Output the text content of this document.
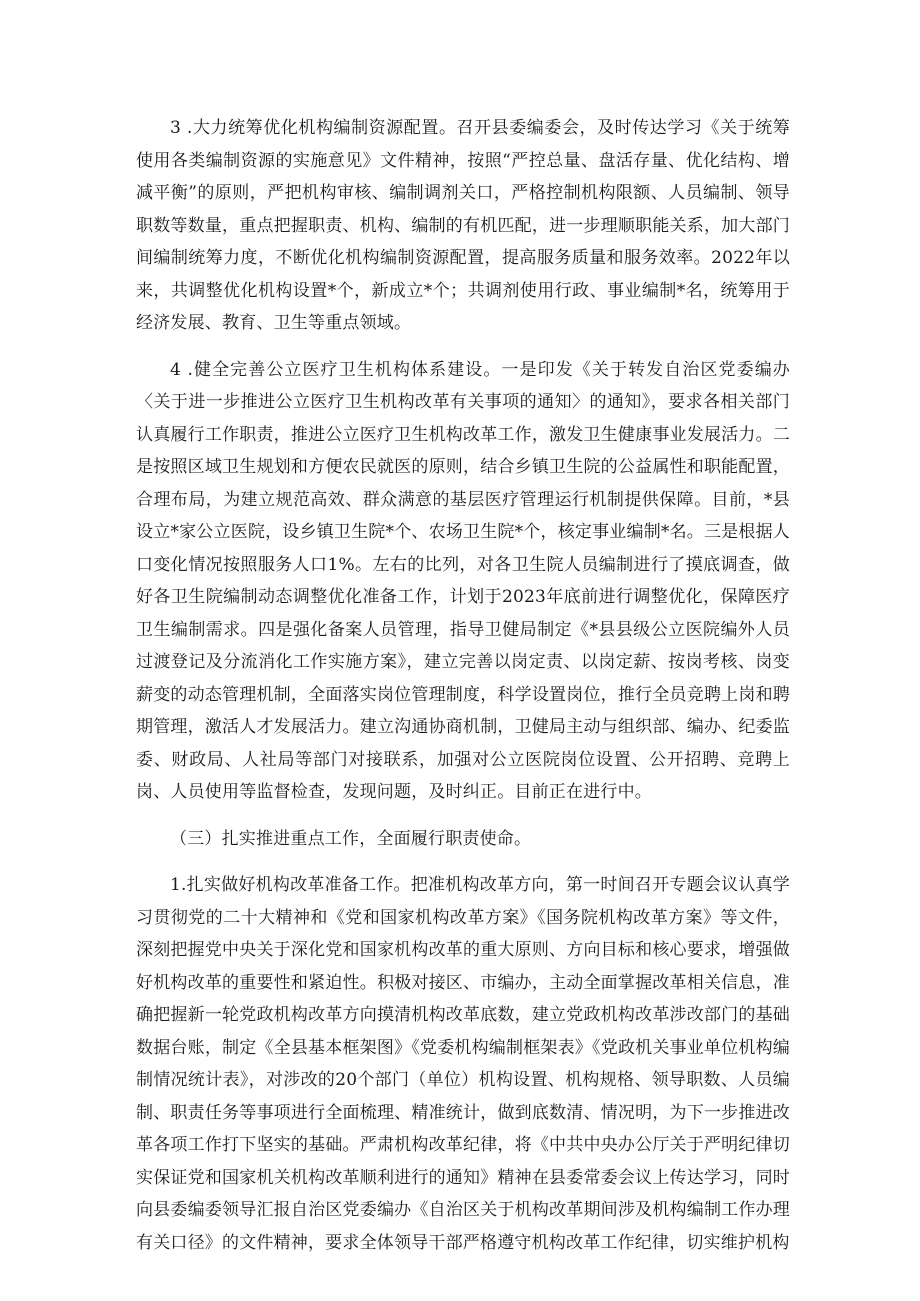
3 .大力统筹优化机构编制资源配置。召开县委编委会，及时传达学习《关于统筹使用各类编制资源的实施意见》文件精神，按照“严控总量、盘活存量、优化结构、增减平衡”的原则，严把机构审核、编制调剂关口，严格控制机构限额、人员编制、领导职数等数量，重点把握职责、机构、编制的有机匹配，进一步理顺职能关系，加大部门间编制统筹力度，不断优化机构编制资源配置，提高服务质量和服务效率。2022年以来，共调整优化机构设置*个，新成立*个；共调剂使用行政、事业编制*名，统筹用于经济发展、教育、卫生等重点领域。

4 .健全完善公立医疗卫生机构体系建设。一是印发《关于转发自治区党委编办〈关于进一步推进公立医疗卫生机构改革有关事项的通知〉的通知》，要求各相关部门认真履行工作职责，推进公立医疗卫生机构改革工作，激发卫生健康事业发展活力。二是按照区域卫生规划和方便农民就医的原则，结合乡镇卫生院的公益属性和职能配置，合理布局，为建立规范高效、群众满意的基层医疗管理运行机制提供保障。目前，*县设立*家公立医院，设乡镇卫生院*个、农场卫生院*个，核定事业编制*名。三是根据人口变化情况按照服务人口1%。左右的比列，对各卫生院人员编制进行了摸底调查，做好各卫生院编制动态调整优化准备工作，计划于2023年底前进行调整优化，保障医疗卫生编制需求。四是强化备案人员管理，指导卫健局制定《*县县级公立医院编外人员过渡登记及分流消化工作实施方案》，建立完善以岗定责、以岗定薪、按岗考核、岗变薪变的动态管理机制，全面落实岗位管理制度，科学设置岗位，推行全员竞聘上岗和聘期管理，激活人才发展活力。建立沟通协商机制，卫健局主动与组织部、编办、纪委监委、财政局、人社局等部门对接联系，加强对公立医院岗位设置、公开招聘、竞聘上岗、人员使用等监督检查，发现问题，及时纠正。目前正在进行中。

（三）扎实推进重点工作，全面履行职责使命。

1.扎实做好机构改革准备工作。把准机构改革方向，第一时间召开专题会议认真学习贯彻党的二十大精神和《党和国家机构改革方案》《国务院机构改革方案》等文件，深刻把握党中央关于深化党和国家机构改革的重大原则、方向目标和核心要求，增强做好机构改革的重要性和紧迫性。积极对接区、市编办，主动全面掌握改革相关信息，准确把握新一轮党政机构改革方向摸清机构改革底数，建立党政机构改革涉改部门的基础数据台账，制定《全县基本框架图》《党委机构编制框架表》《党政机关事业单位机构编制情况统计表》，对涉改的20个部门（单位）机构设置、机构规格、领导职数、人员编制、职责任务等事项进行全面梳理、精准统计，做到底数清、情况明，为下一步推进改革各项工作打下坚实的基础。严肃机构改革纪律，将《中共中央办公厅关于严明纪律切实保证党和国家机关机构改革顺利进行的通知》精神在县委常委会议上传达学习，同时向县委编委领导汇报自治区党委编办《自治区关于机构改革期间涉及机构编制工作办理有关口径》的文件精神，要求全体领导干部严格遵守机构改革工作纪律，切实维护机构
